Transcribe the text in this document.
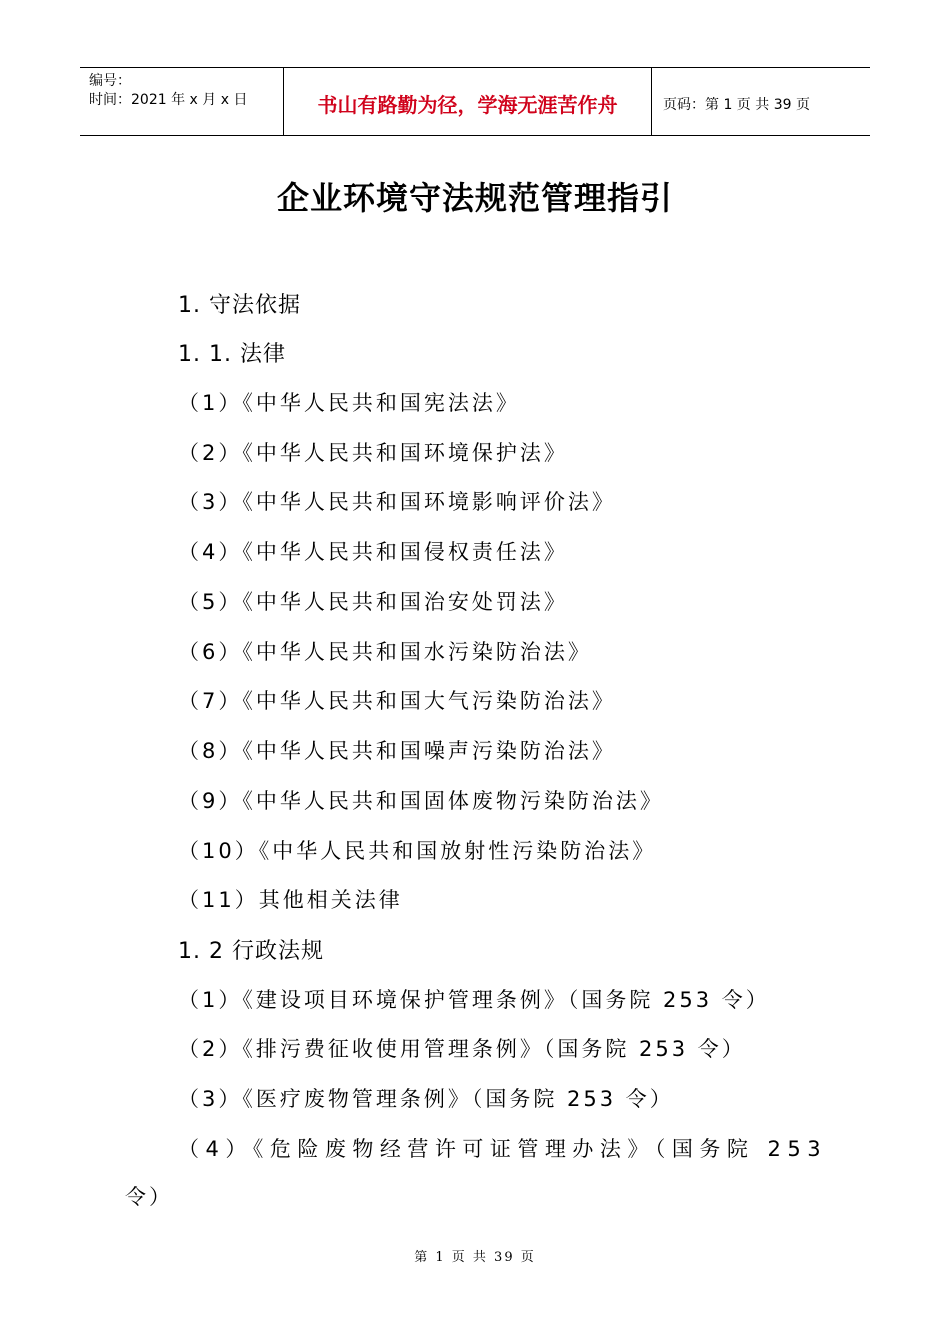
编号：
时间：2021 年 x 月 x 日	书山有路勤为径，学海无涯苦作舟	页码：第 1 页 共 39 页
企业环境守法规范管理指引
1. 守法依据
1. 1. 法律
（1）《中华人民共和国宪法法》
（2）《中华人民共和国环境保护法》
（3）《中华人民共和国环境影响评价法》
（4）《中华人民共和国侵权责任法》
（5）《中华人民共和国治安处罚法》
（6）《中华人民共和国水污染防治法》
（7）《中华人民共和国大气污染防治法》
（8）《中华人民共和国噪声污染防治法》
（9）《中华人民共和国固体废物污染防治法》
（10）《中华人民共和国放射性污染防治法》
（11）其他相关法律
1. 2 行政法规
（1）《建设项目环境保护管理条例》（国务院 253 令）
（2）《排污费征收使用管理条例》（国务院 253 令）
（3）《医疗废物管理条例》（国务院 253 令）
（4）《危险废物经营许可证管理办法》（国务院 253
令）
第 1 页 共 39 页
